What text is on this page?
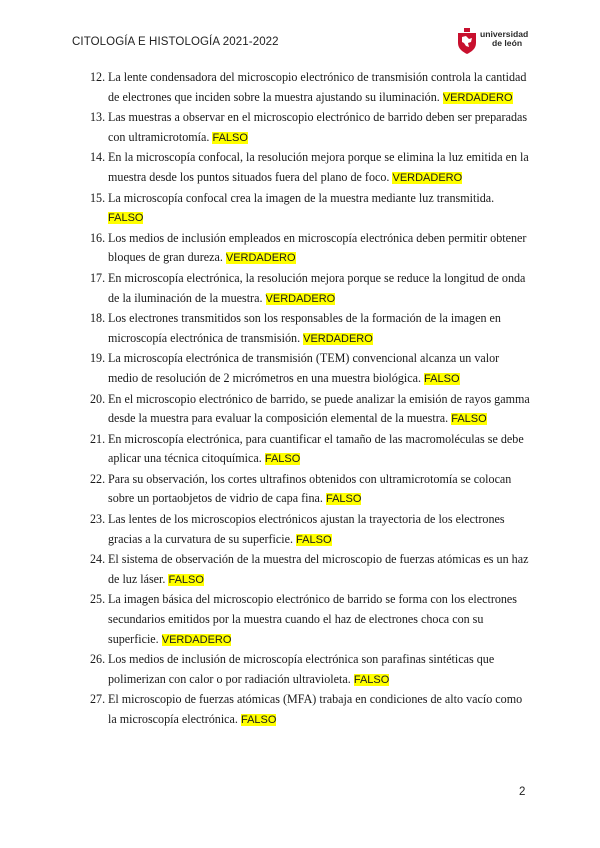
CITOLOGÍA E HISTOLOGÍA 2021-2022
universidad
de león
12. La lente condensadora del microscopio electrónico de transmisión controla la cantidad de electrones que inciden sobre la muestra ajustando su iluminación. VERDADERO
13. Las muestras a observar en el microscopio electrónico de barrido deben ser preparadas con ultramicrotomía. FALSO
14. En la microscopía confocal, la resolución mejora porque se elimina la luz emitida en la muestra desde los puntos situados fuera del plano de foco. VERDADERO
15. La microscopía confocal crea la imagen de la muestra mediante luz transmitida. FALSO
16. Los medios de inclusión empleados en microscopía electrónica deben permitir obtener bloques de gran dureza. VERDADERO
17. En microscopía electrónica, la resolución mejora porque se reduce la longitud de onda de la iluminación de la muestra. VERDADERO
18. Los electrones transmitidos son los responsables de la formación de la imagen en microscopía electrónica de transmisión. VERDADERO
19. La microscopía electrónica de transmisión (TEM) convencional alcanza un valor medio de resolución de 2 micrómetros en una muestra biológica. FALSO
20. En el microscopio electrónico de barrido, se puede analizar la emisión de rayos gamma desde la muestra para evaluar la composición elemental de la muestra. FALSO
21. En microscopía electrónica, para cuantificar el tamaño de las macromoléculas se debe aplicar una técnica citoquímica. FALSO
22. Para su observación, los cortes ultrafinos obtenidos con ultramicrotomía se colocan sobre un portaobjetos de vidrio de capa fina. FALSO
23. Las lentes de los microscopios electrónicos ajustan la trayectoria de los electrones gracias a la curvatura de su superficie. FALSO
24. El sistema de observación de la muestra del microscopio de fuerzas atómicas es un haz de luz láser. FALSO
25. La imagen básica del microscopio electrónico de barrido se forma con los electrones secundarios emitidos por la muestra cuando el haz de electrones choca con su superficie. VERDADERO
26. Los medios de inclusión de microscopía electrónica son parafinas sintéticas que polimerizan con calor o por radiación ultravioleta. FALSO
27. El microscopio de fuerzas atómicas (MFA) trabaja en condiciones de alto vacío como la microscopía electrónica. FALSO
2
